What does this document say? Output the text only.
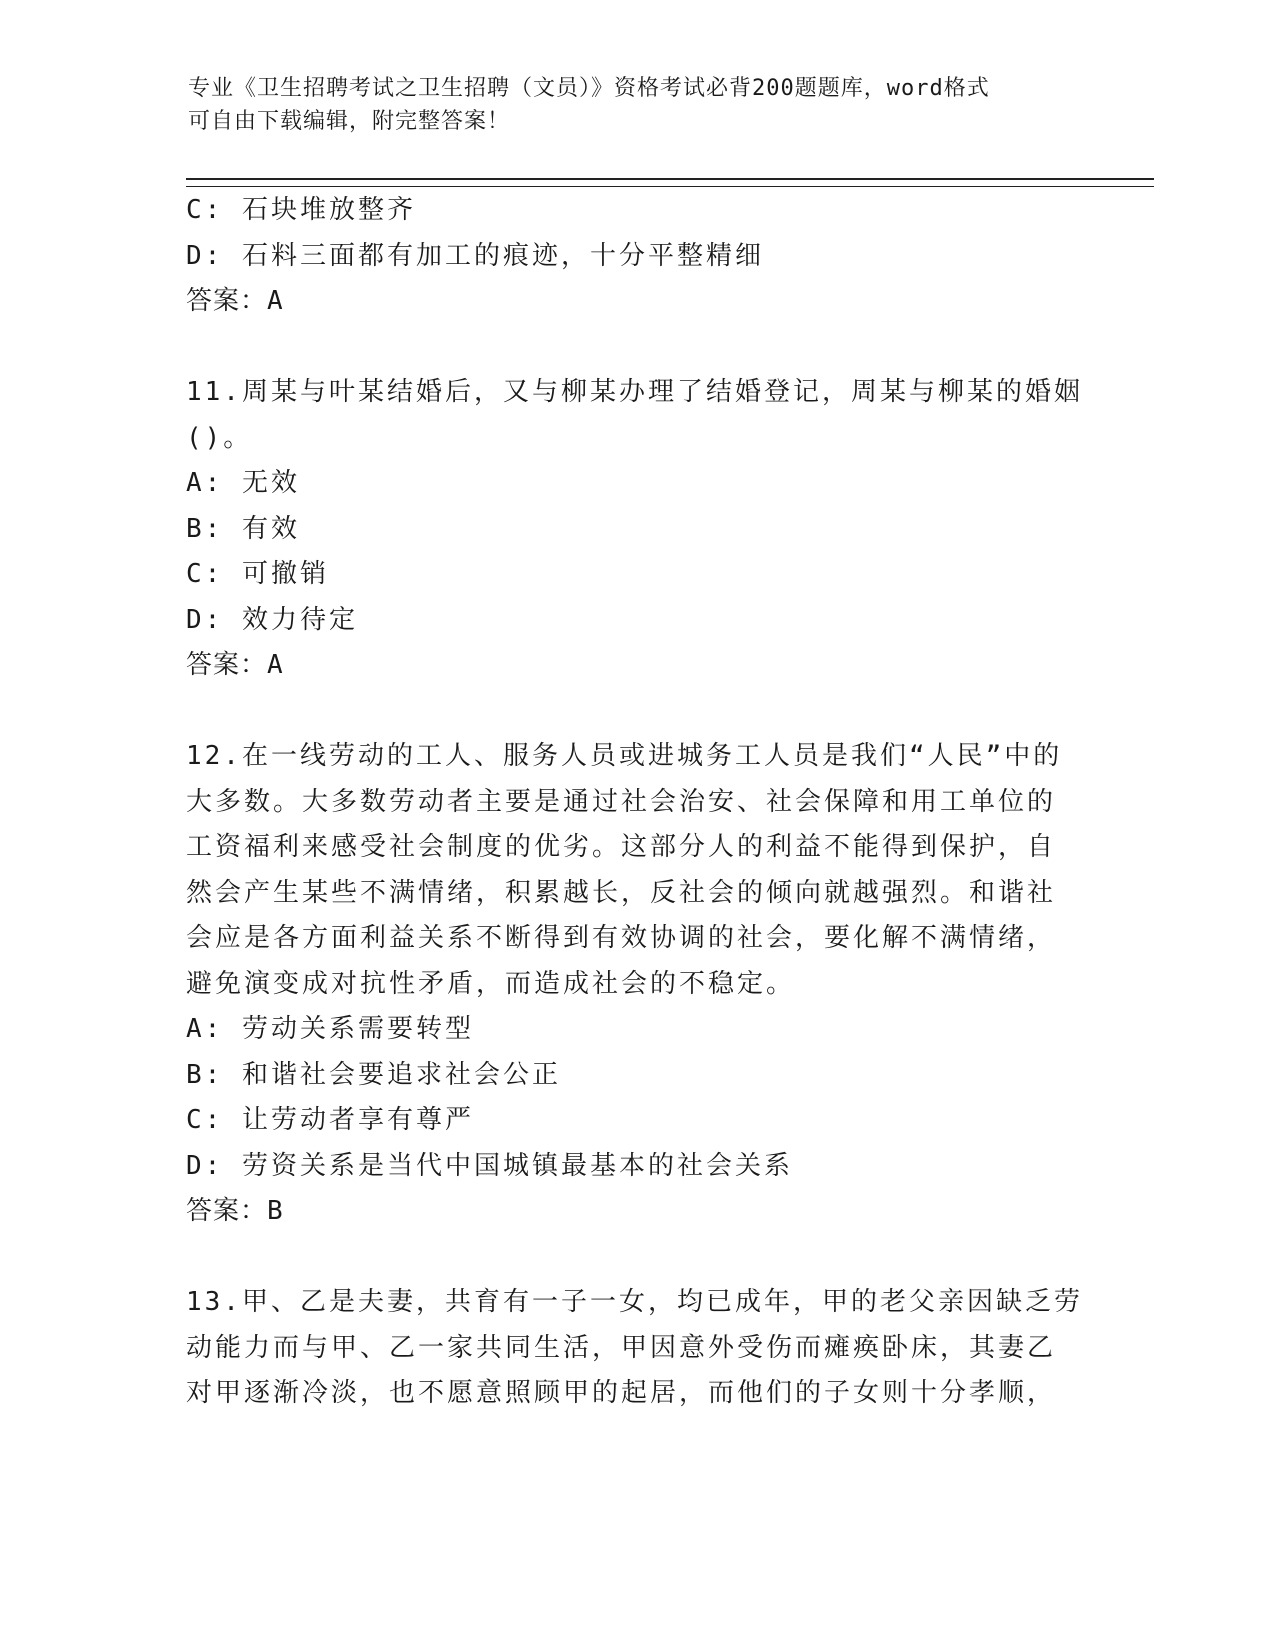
专业《卫生招聘考试之卫生招聘（文员）》资格考试必背200题题库，word格式
可自由下载编辑，附完整答案！
C: 石块堆放整齐
D: 石料三面都有加工的痕迹，十分平整精细
答案：A
11.周某与叶某结婚后，又与柳某办理了结婚登记，周某与柳某的婚姻
()。
A: 无效
B: 有效
C: 可撤销
D: 效力待定
答案：A
12.在一线劳动的工人、服务人员或进城务工人员是我们“人民”中的
大多数。大多数劳动者主要是通过社会治安、社会保障和用工单位的
工资福利来感受社会制度的优劣。这部分人的利益不能得到保护，自
然会产生某些不满情绪，积累越长，反社会的倾向就越强烈。和谐社
会应是各方面利益关系不断得到有效协调的社会，要化解不满情绪，
避免演变成对抗性矛盾，而造成社会的不稳定。
A: 劳动关系需要转型
B: 和谐社会要追求社会公正
C: 让劳动者享有尊严
D: 劳资关系是当代中国城镇最基本的社会关系
答案：B
13.甲、乙是夫妻，共育有一子一女，均已成年，甲的老父亲因缺乏劳
动能力而与甲、乙一家共同生活，甲因意外受伤而瘫痪卧床，其妻乙
对甲逐渐冷淡，也不愿意照顾甲的起居，而他们的子女则十分孝顺，
